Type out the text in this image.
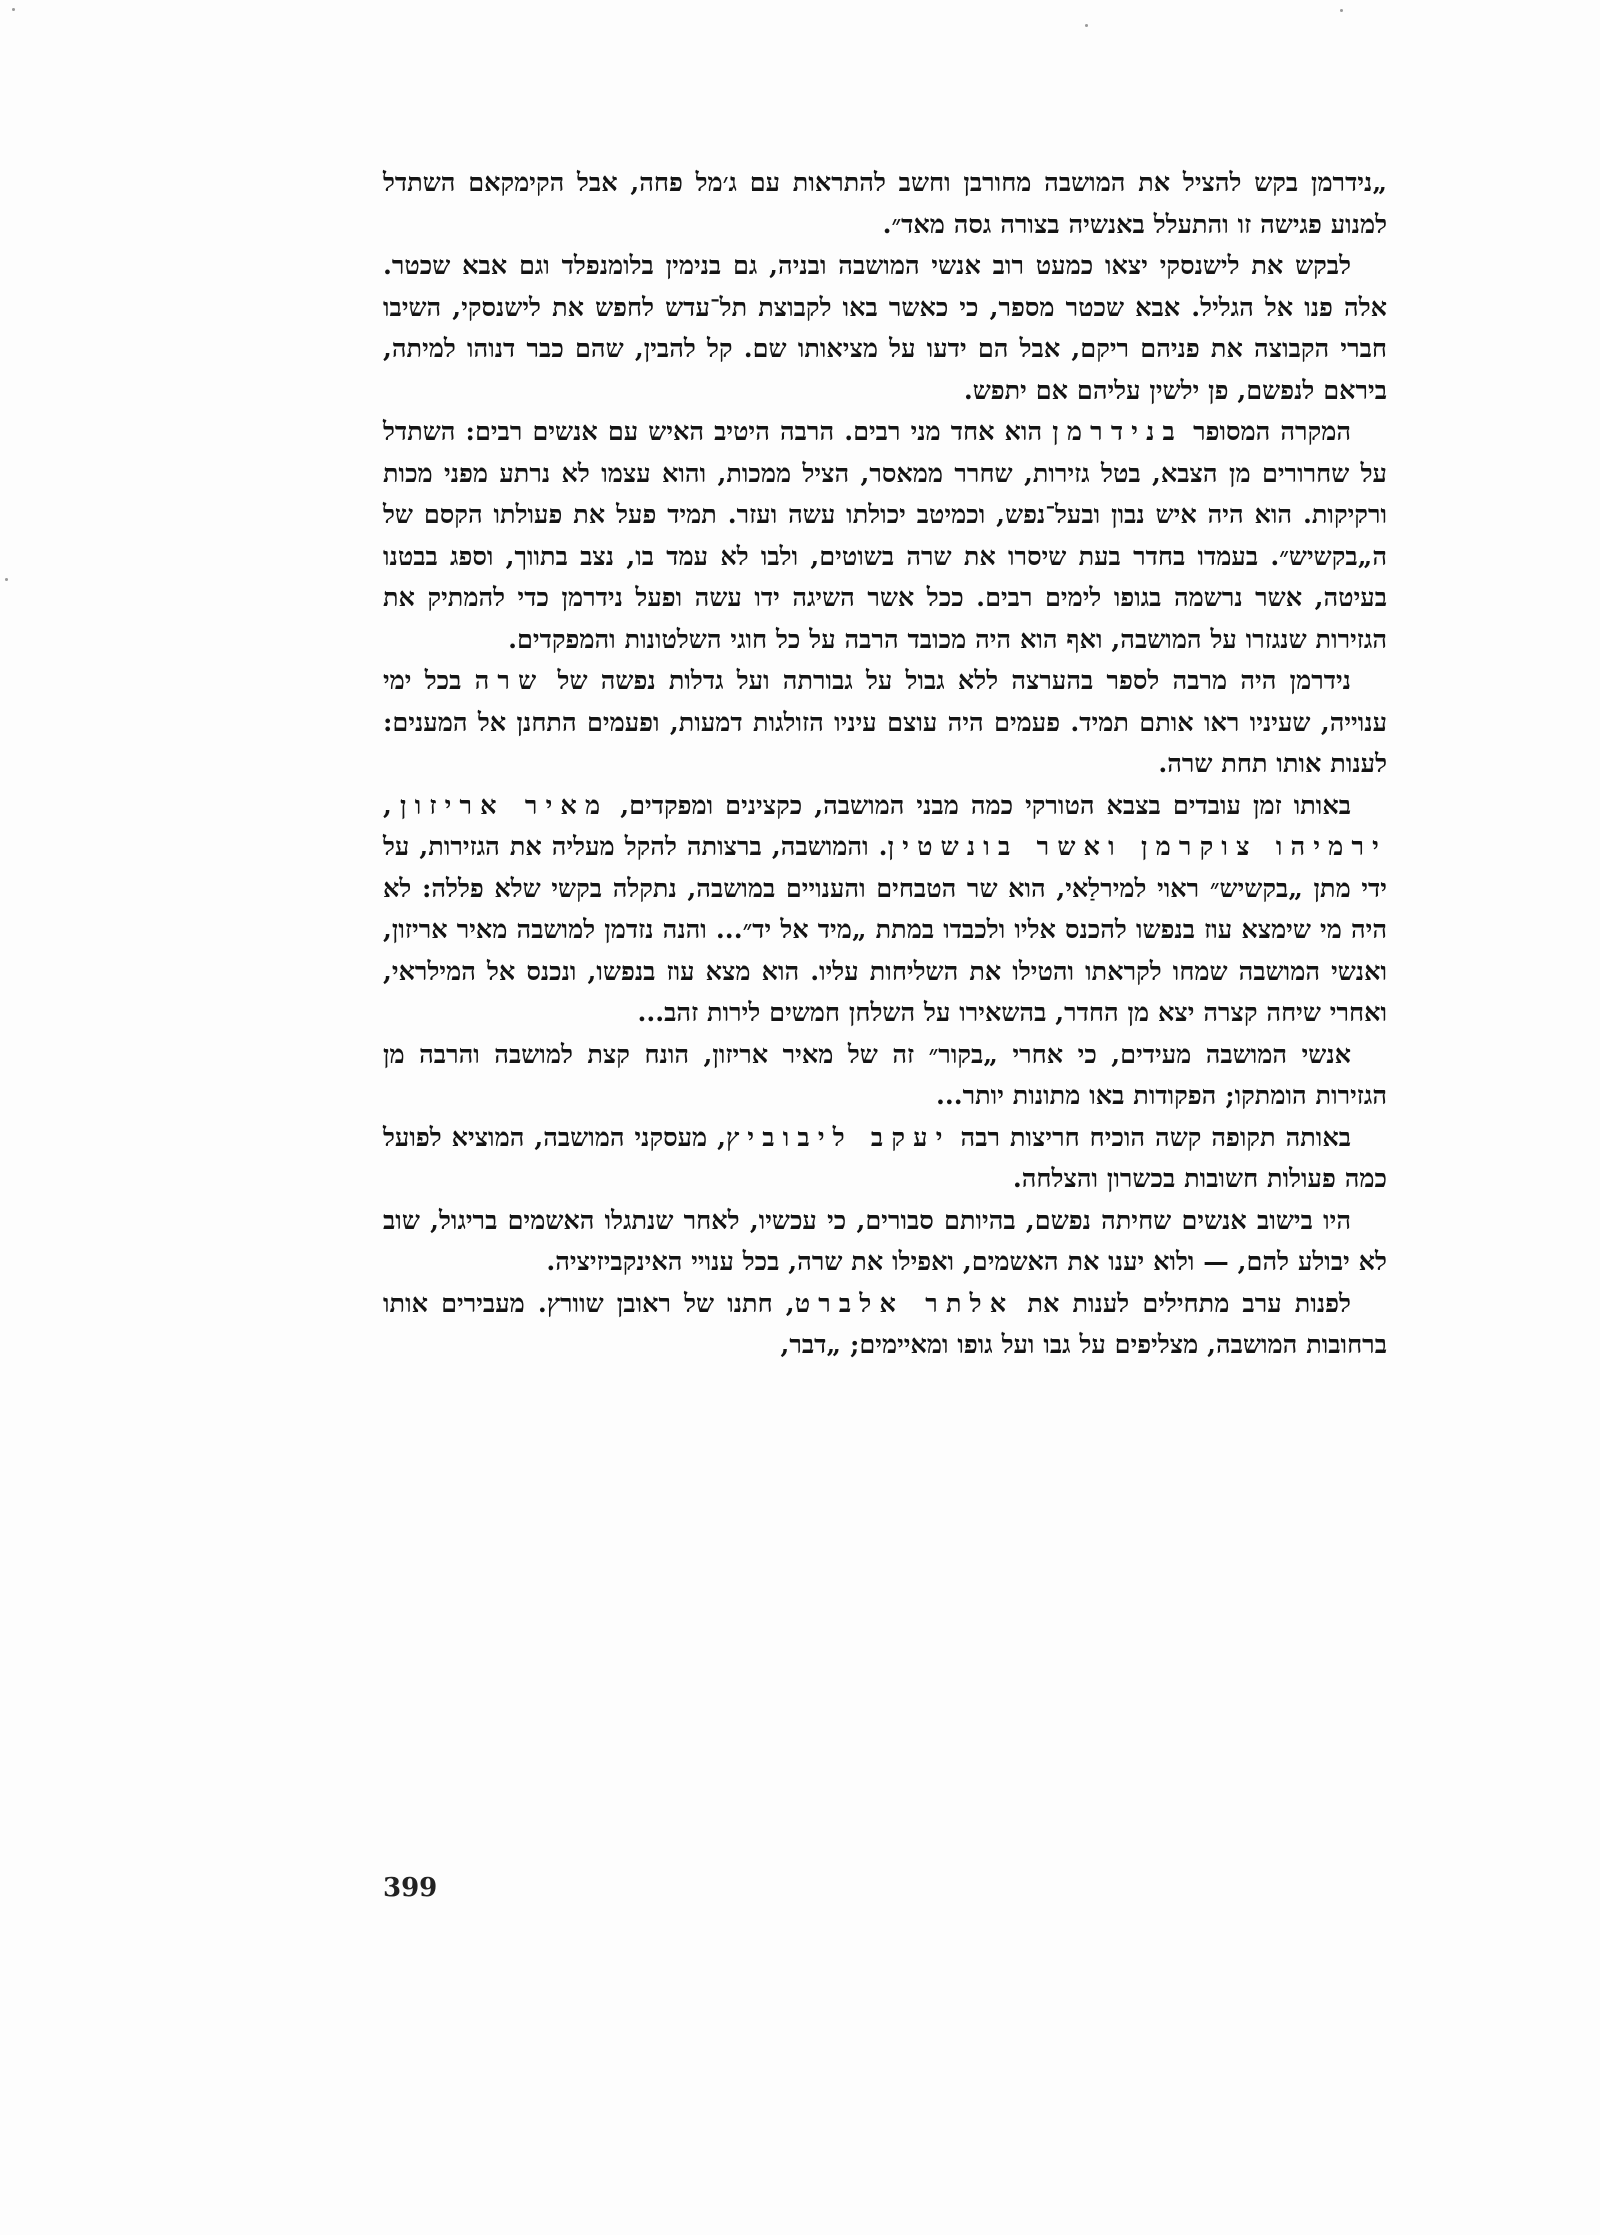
„נידרמן בקש להציל את המושבה מחורבן וחשב להתראות עם ג׳מל פחה, אבל הקימקאם השתדל למנוע פגישה זו והתעלל באנשיה בצורה גסה מאד״.

לבקש את לישנסקי יצאו כמעט רוב אנשי המושבה ובניה, גם בנימין בלומנפלד וגם אבא שכטר. אלה פנו אל הגליל. אבא שכטר מספר, כי כאשר באו לקבוצת תל־עדש לחפש את לישנסקי, השיבו חברי הקבוצה את פניהם ריקם, אבל הם ידעו על מציאותו שם. קל להבין, שהם כבר דנוהו למיתה, ביראם לנפשם, פן ילשין עליהם אם יתפש.

המקרה המסופר בנידרמן הוא אחד מני רבים. הרבה היטיב האיש עם אנשים רבים: השתדל על שחרורים מן הצבא, בטל גזירות, שחרר ממאסר, הציל ממכות, והוא עצמו לא נרתע מפני מכות ורקיקות. הוא היה איש נבון ובעל־נפש, וכמיטב יכולתו עשה ועזר. תמיד פעל את פעולתו הקסם של ה„בקשיש״. בעמדו בחדר בעת שיסרו את שרה בשוטים, ולבו לא עמד בו, נצב בתווך, וספג בבטנו בעיטה, אשר נרשמה בגופו לימים רבים. ככל אשר השיגה ידו עשה ופעל נידרמן כדי להמתיק את הגזירות שנגזרו על המושבה, ואף הוא היה מכובד הרבה על כל חוגי השלטונות והמפקדים.

נידרמן היה מרבה לספר בהערצה ללא גבול על גבורתה ועל גדלות נפשה של שרה בכל ימי ענוייה, שעיניו ראו אותם תמיד. פעמים היה עוצם עיניו הזולגות דמעות, ופעמים התחנן אל המענים: לענות אותו תחת שרה.

באותו זמן עובדים בצבא הטורקי כמה מבני המושבה, כקצינים ומפקדים, מאיר אריזון, ירמיהו צוקרמן ואשר בונשטין. והמושבה, ברצותה להקל מעליה את הגזירות, על ידי מתן „בקשיש״ ראוי למירלַאי, הוא שר הטבחים והענויים במושבה, נתקלה בקשי שלא פללה: לא היה מי שימצא עוז בנפשו להכנס אליו ולכבדו במתת „מיד אל יד״... והנה נזדמן למושבה מאיר אריזון, ואנשי המושבה שמחו לקראתו והטילו את השליחות עליו. הוא מצא עוז בנפשו, ונכנס אל המילראי, ואחרי שיחה קצרה יצא מן החדר, בהשאירו על השלחן חמשים לירות זהב...

אנשי המושבה מעידים, כי אחרי „בקור״ זה של מאיר אריזון, הונח קצת למושבה והרבה מן הגזירות הומתקו; הפקודות באו מתונות יותר...

באותה תקופה קשה הוכיח חריצות רבה יעקב ליבוביץ, מעסקני המושבה, המוציא לפועל כמה פעולות חשובות בכשרון והצלחה.

היו בישוב אנשים שחיתה נפשם, בהיותם סבורים, כי עכשיו, לאחר שנתגלו האשמים בריגול, שוב לא יבולע להם, — ולוא יענו את האשמים, ואפילו את שרה, בכל ענויי האינקביזיציה.

לפנות ערב מתחילים לענות את אלתר אלברט, חתנו של ראובן שוורץ. מעבירים אותו ברחובות המושבה, מצליפים על גבו ועל גופו ומאיימים; „דבר,

399
